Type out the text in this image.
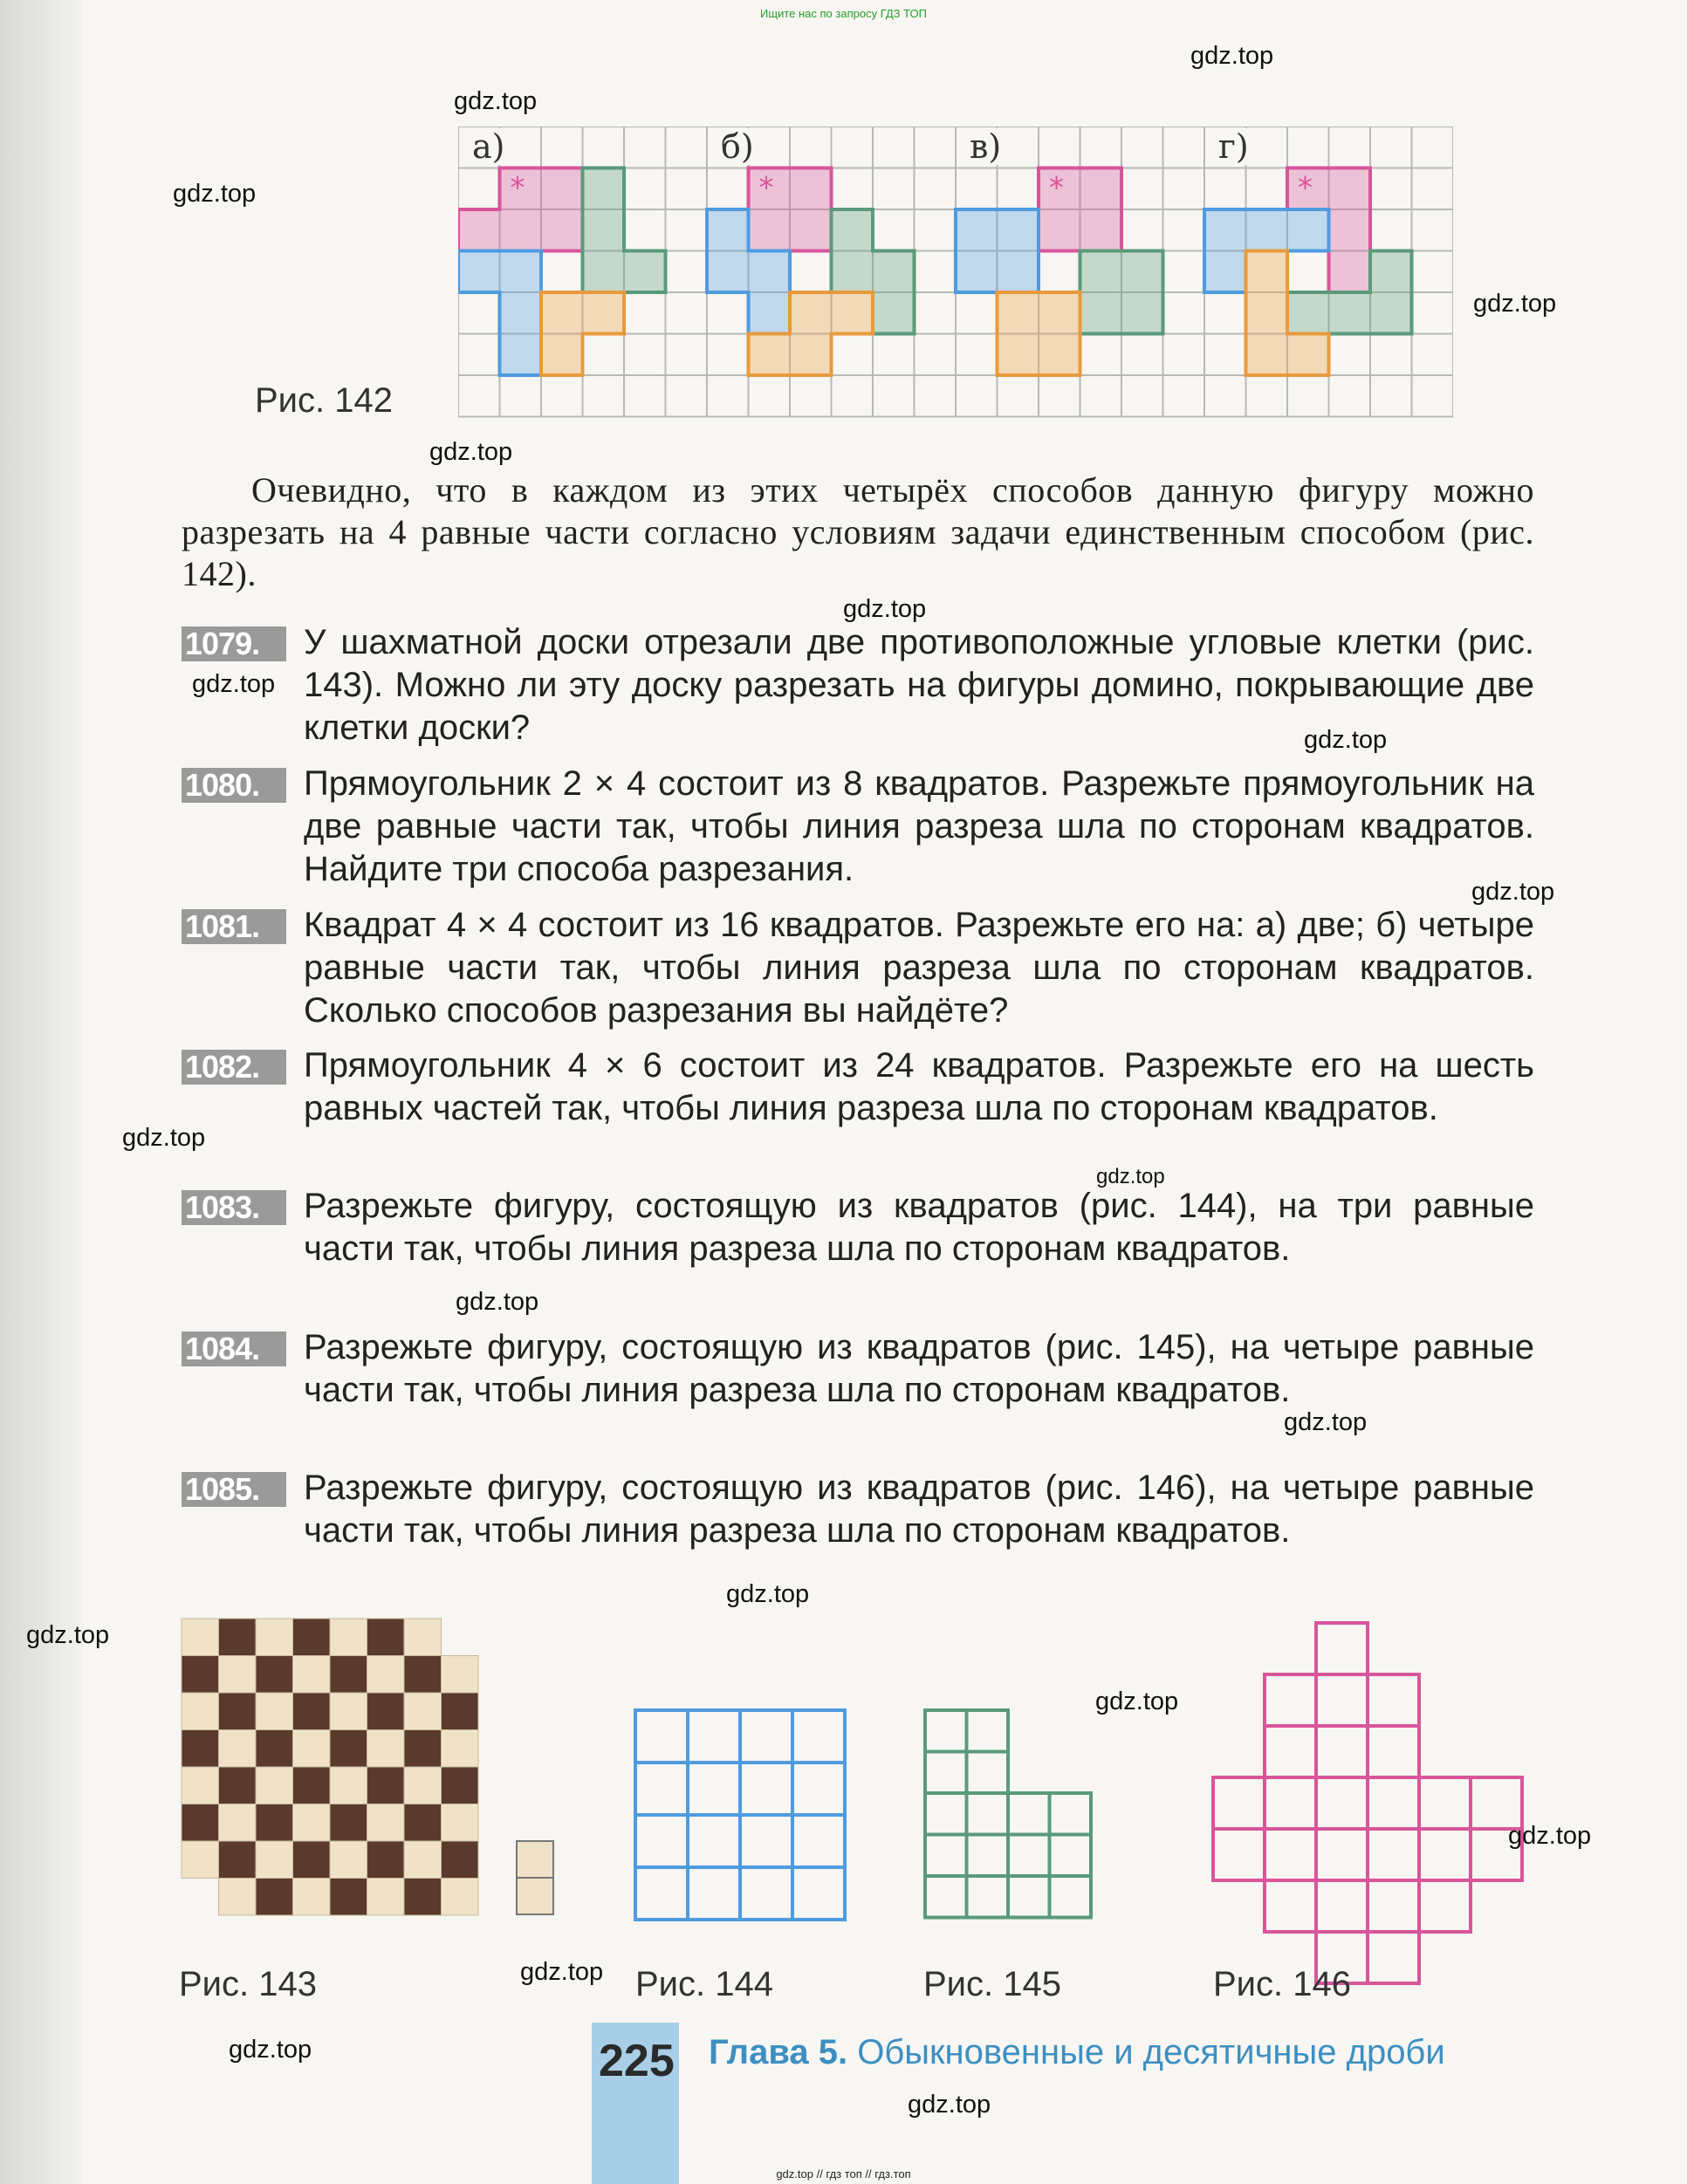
Ищите нас по запросу ГДЗ ТОП
*
а)
*
б)
*
в)
*
г)
Рис. 142
Очевидно, что в каждом из этих четырёх способов данную фигуру можно разрезать на 4 равные части согласно условиям задачи единственным способом (рис. 142).
1079.	У шахматной доски отрезали две противоположные угловые клетки (рис. 143). Можно ли эту доску разрезать на фигуры домино, покрывающие две клетки доски?
1080.	Прямоугольник 2 × 4 состоит из 8 квадратов. Разрежьте прямоугольник на две равные части так, чтобы линия разреза шла по сторонам квадратов. Найдите три способа разрезания.
1081.	Квадрат 4 × 4 состоит из 16 квадратов. Разрежьте его на: а) две; б) четыре равные части так, чтобы линия разреза шла по сторонам квадратов. Сколько способов разрезания вы найдёте?
1082.	Прямоугольник 4 × 6 состоит из 24 квадратов. Разрежьте его на шесть равных частей так, чтобы линия разреза шла по сторонам квадратов.
1083.	Разрежьте фигуру, состоящую из квадратов (рис. 144), на три равные части так, чтобы линия разреза шла по сторонам квадратов.
1084.	Разрежьте фигуру, состоящую из квадратов (рис. 145), на четыре равные части так, чтобы линия разреза шла по сторонам квадратов.
1085.	Разрежьте фигуру, состоящую из квадратов (рис. 146), на четыре равные части так, чтобы линия разреза шла по сторонам квадратов.
Рис. 143	Рис. 144	Рис. 145	Рис. 146
225 Глава 5. Обыкновенные и десятичные дроби
gdz.top
gdz.top
gdz.top
gdz.top
gdz.top
gdz.top
gdz.top
gdz.top
gdz.top
gdz.top
gdz.top
gdz.top
gdz.top
gdz.top
gdz.top
gdz.top
gdz.top
gdz.top
gdz.top
gdz.top
gdz.top // гдз топ // гдз.топ
